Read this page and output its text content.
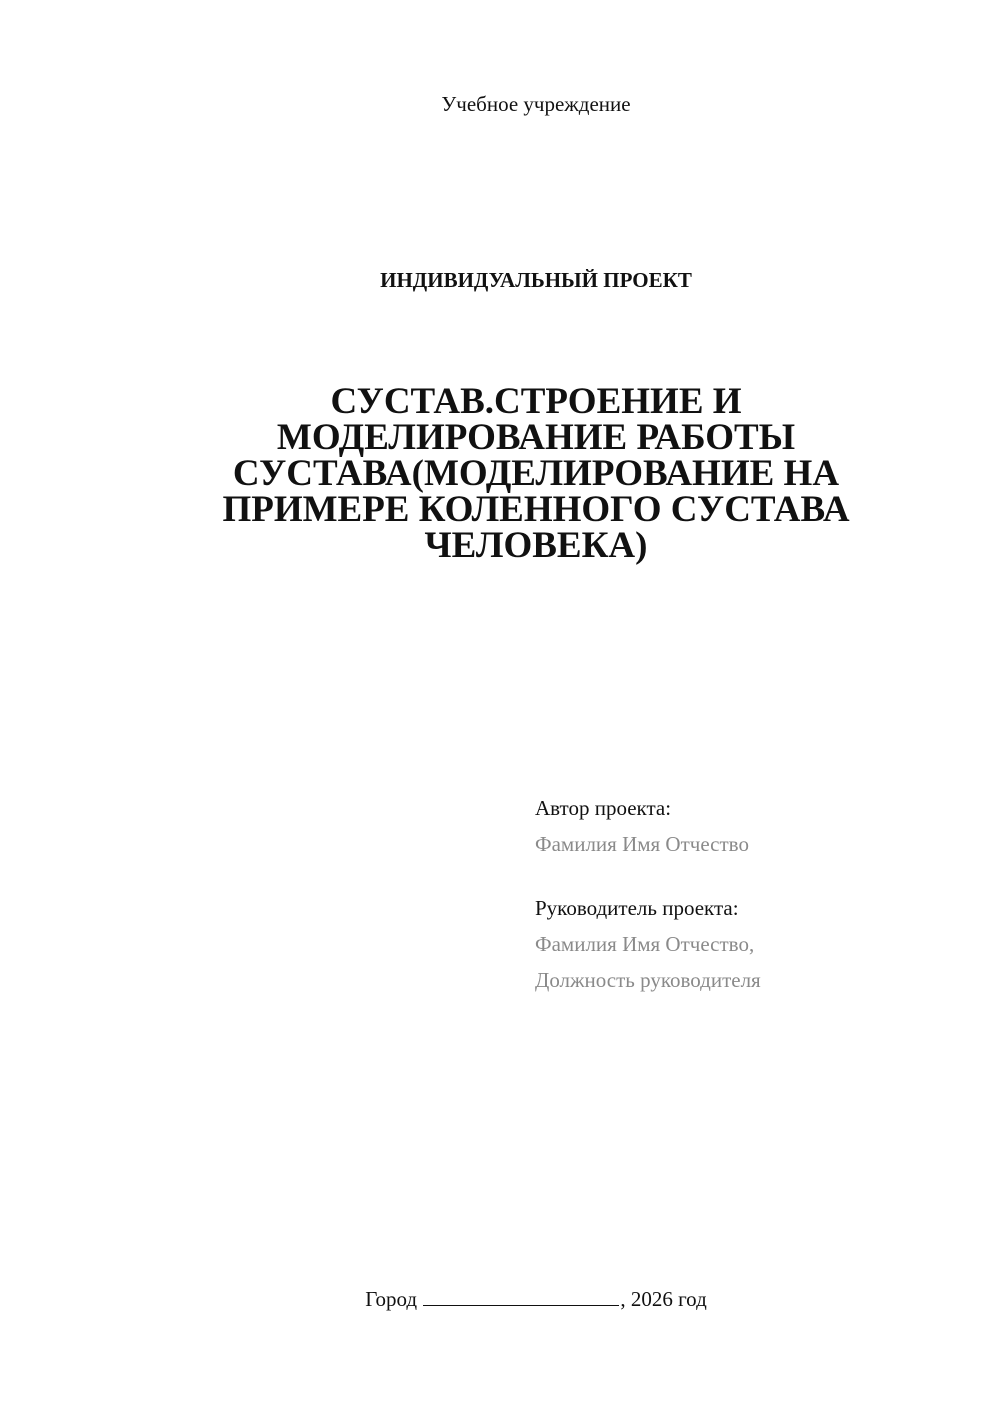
Учебное учреждение
ИНДИВИДУАЛЬНЫЙ ПРОЕКТ
СУСТАВ.СТРОЕНИЕ И
МОДЕЛИРОВАНИЕ РАБОТЫ
СУСТАВА(МОДЕЛИРОВАНИЕ НА
ПРИМЕРЕ КОЛЕННОГО СУСТАВА
ЧЕЛОВЕКА)
Автор проекта:
Фамилия Имя Отчество
Руководитель проекта:
Фамилия Имя Отчество,
Должность руководителя
Город	, 2026 год
